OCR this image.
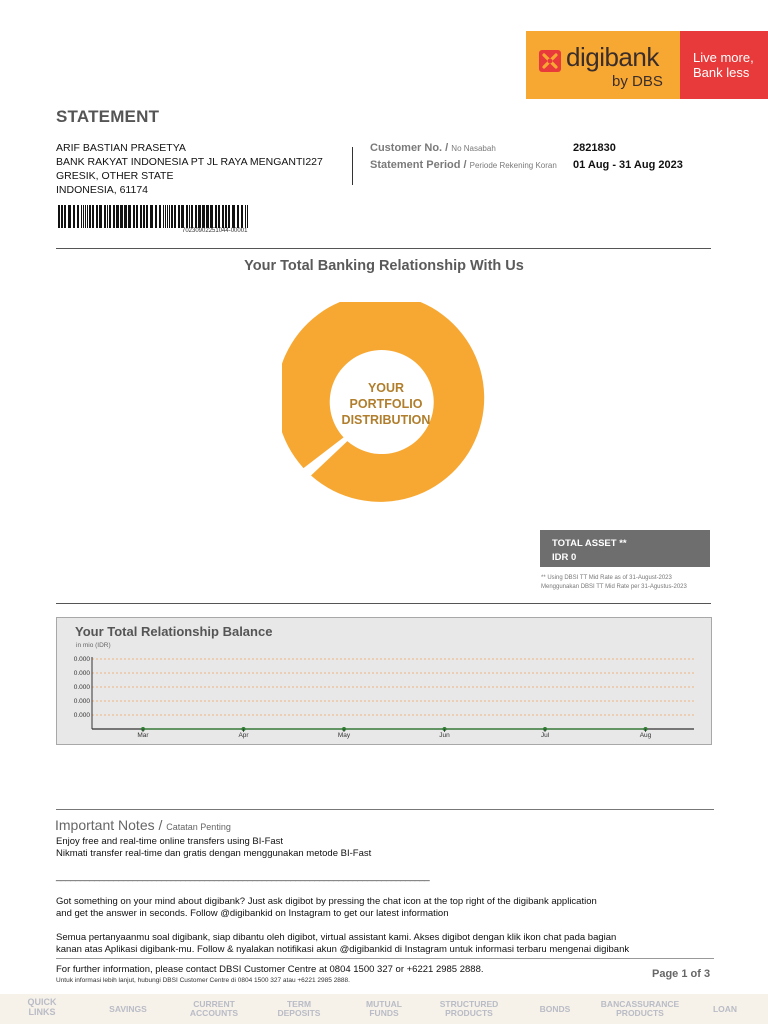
digibank
by DBS
Live more,
Bank less
STATEMENT
ARIF BASTIAN PRASETYA
BANK RAKYAT INDONESIA PT JL RAYA MENGANTI227
GRESIK, OTHER STATE
INDONESIA, 61174
70230902251044-00001
Customer No. / No Nasabah	2821830
Statement Period / Periode Rekening Koran 01 Aug - 31 Aug 2023
Your Total Banking Relationship With Us
YOUR
PORTFOLIO
DISTRIBUTION
TOTAL ASSET **
IDR 0
** Using DBSI TT Mid Rate as of 31-August-2023
Menggunakan DBSI TT Mid Rate per 31-Agustus-2023
Your Total Relationship Balance
in mio (IDR)
0.000
0.000
0.000
0.000
0.000
Mar	Apr	May	Jun	Jul	Aug
Important Notes / Catatan Penting
Enjoy free and real-time online transfers using BI-Fast
Nikmati transfer real-time dan gratis dengan menggunakan metode BI-Fast
______________________________________________________________________________
Got something on your mind about digibank? Just ask digibot by pressing the chat icon at the top right of the digibank application
and get the answer in seconds. Follow @digibankid on Instagram to get our latest information
Semua pertanyaanmu soal digibank, siap dibantu oleh digibot, virtual assistant kami. Akses digibot dengan klik ikon chat pada bagian
kanan atas Aplikasi digibank-mu. Follow & nyalakan notifikasi akun @digibankid di Instagram untuk informasi terbaru mengenai digibank
For further information, please contact DBSI Customer Centre at 0804 1500 327 or +6221 2985 2888.
Untuk informasi lebih lanjut, hubungi DBSI Customer Centre di 0804 1500 327 atau +6221 2985 2888.
Page 1 of 3
QUICK
LINKS	SAVINGS	CURRENT
ACCOUNTS
TERM
DEPOSITS
MUTUAL
FUNDS
STRUCTURED
PRODUCTS	BONDS	BANCASSURANCE
PRODUCTS	LOAN
